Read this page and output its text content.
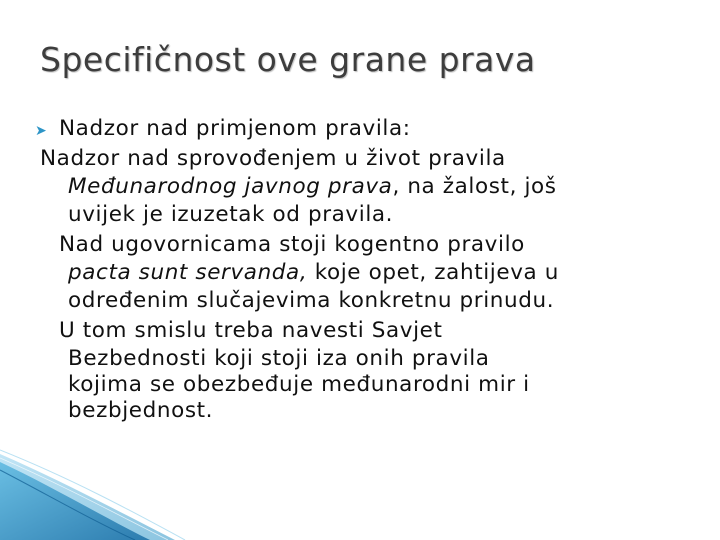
Specifičnost ove grane prava
➤ Nadzor nad primjenom pravila:
Nadzor nad sprovođenjem u život pravila
Međunarodnog javnog prava, na žalost, još
uvijek je izuzetak od pravila.
Nad ugovornicama stoji kogentno pravilo
pacta sunt servanda, koje opet, zahtijeva u
određenim slučajevima konkretnu prinudu.
U tom smislu treba navesti Savjet
Bezbednosti koji stoji iza onih pravila
kojima se obezbeđuje međunarodni mir i
bezbjednost.
